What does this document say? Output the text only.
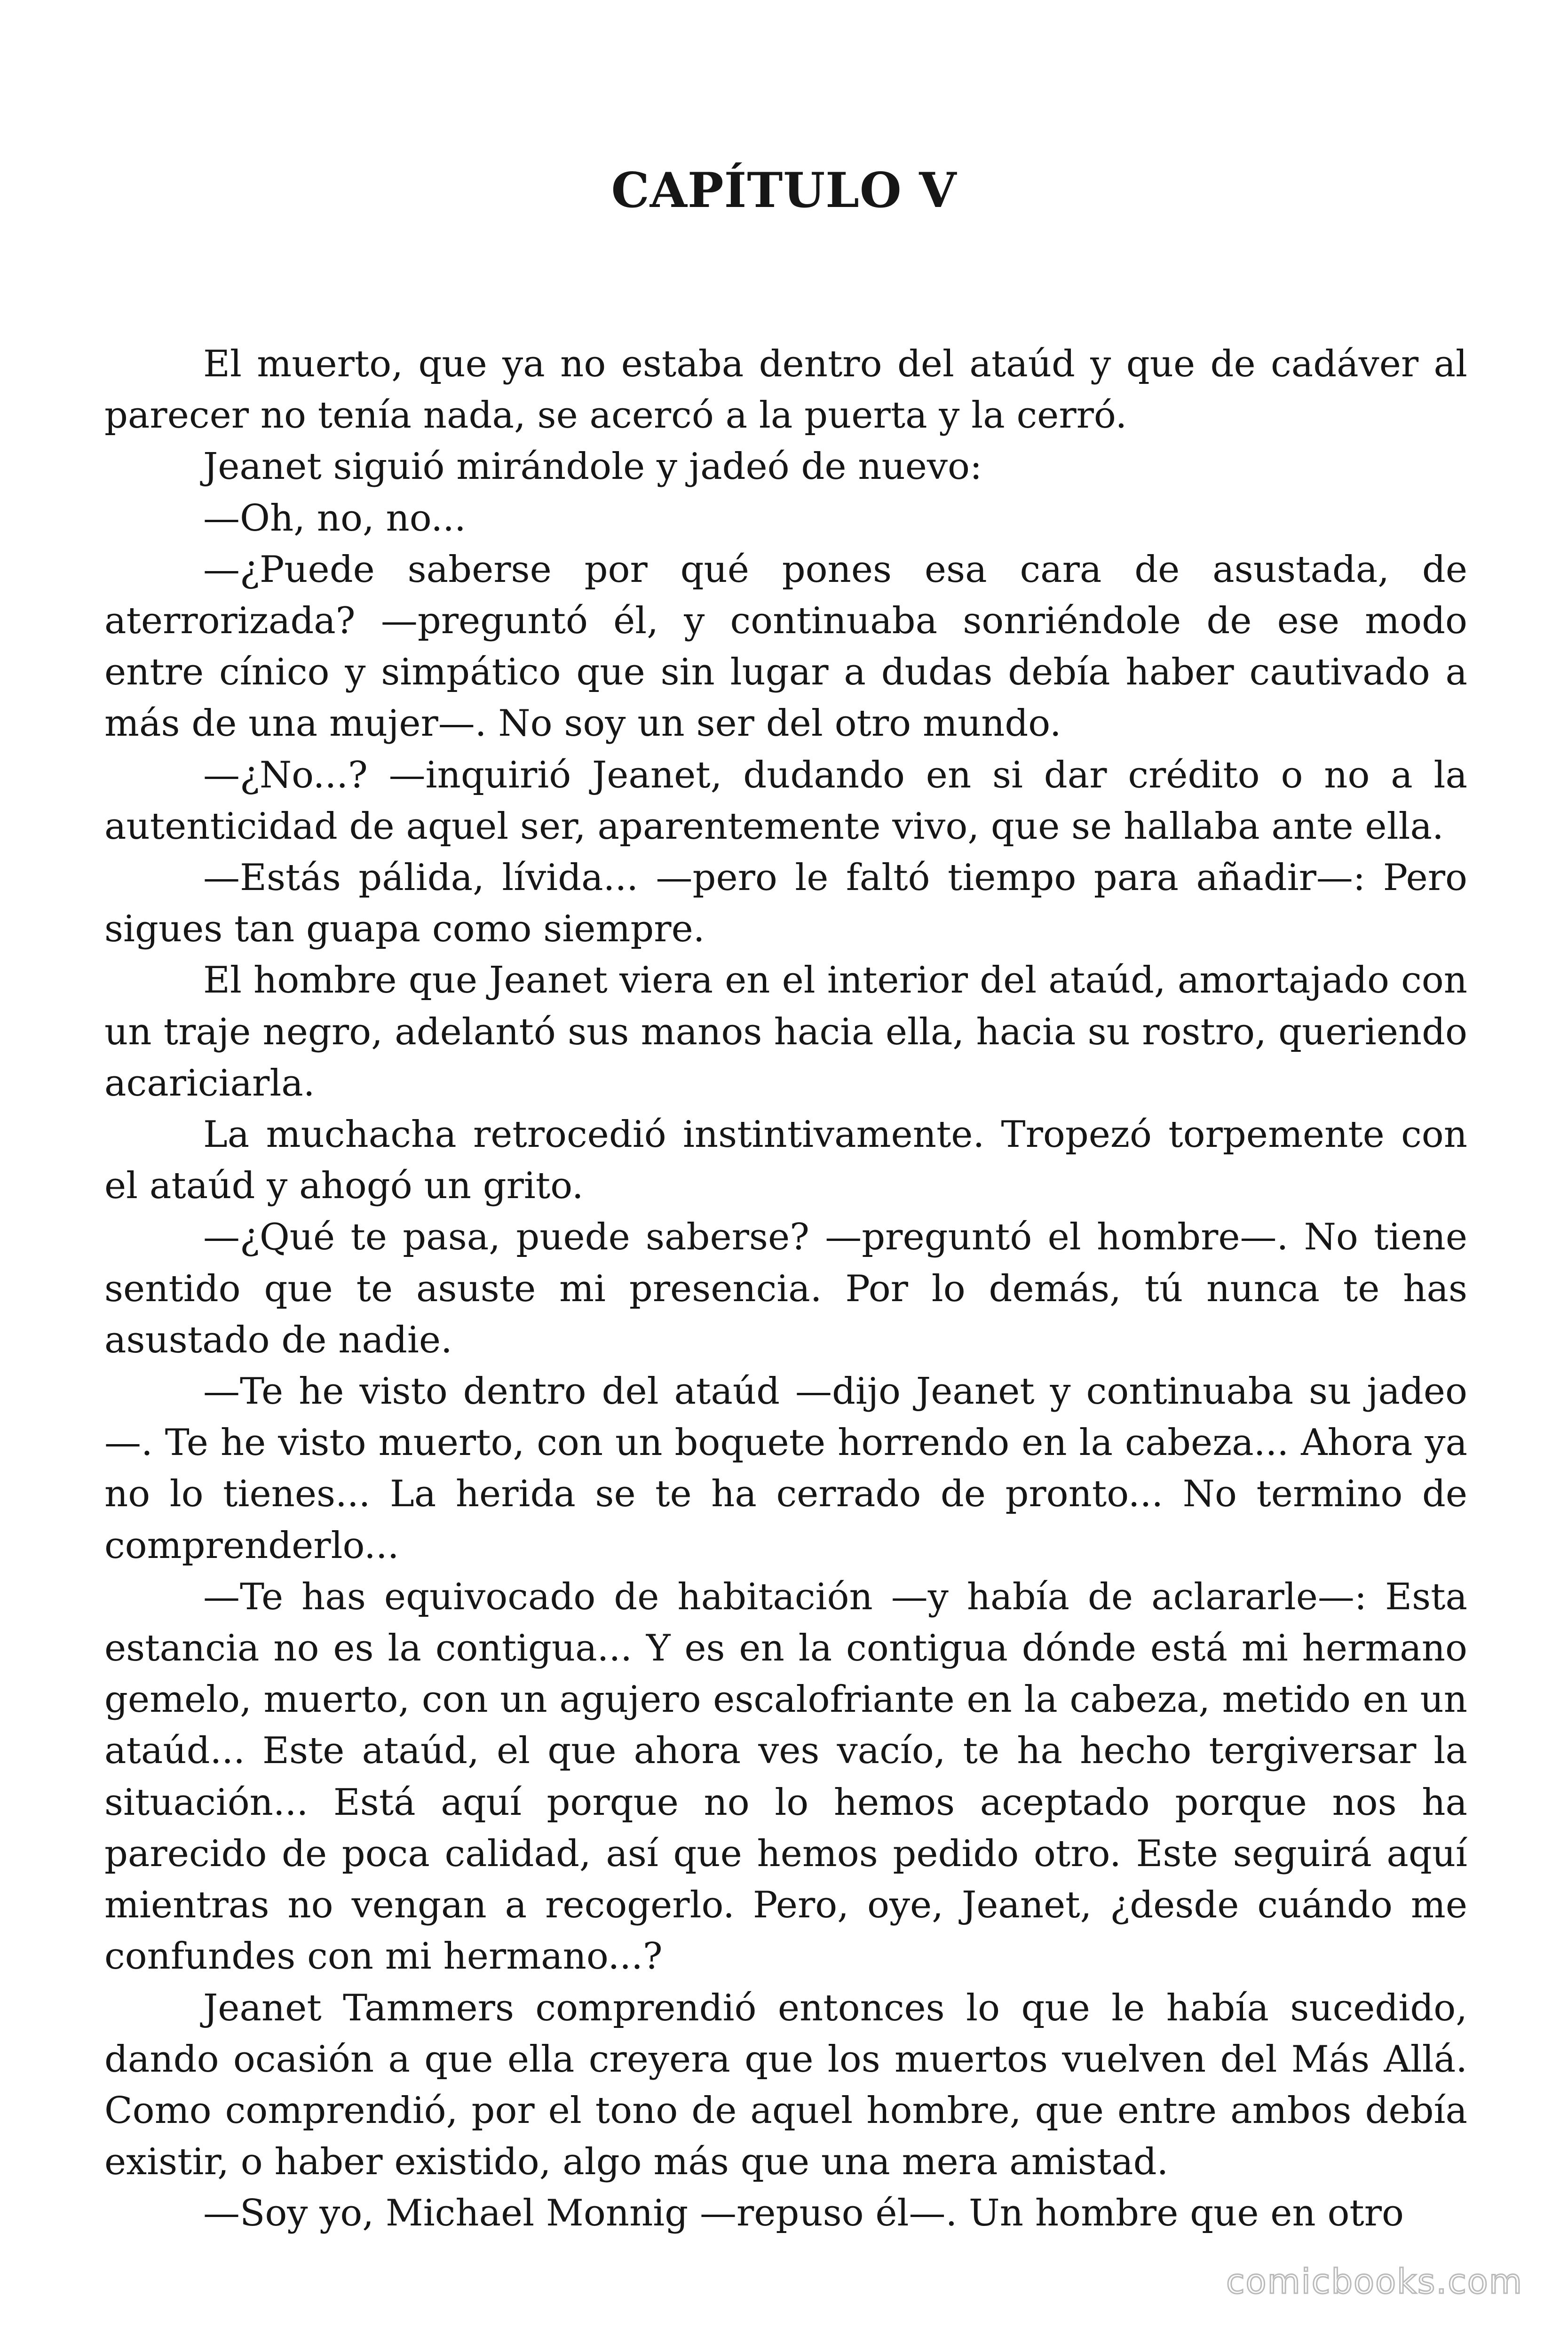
CAPÍTULO V

El muerto, que ya no estaba dentro del ataúd y que de cadáver al parecer no tenía nada, se acercó a la puerta y la cerró.

Jeanet siguió mirándole y jadeó de nuevo:

—Oh, no, no...

—¿Puede saberse por qué pones esa cara de asustada, de aterrorizada? —preguntó él, y continuaba sonriéndole de ese modo entre cínico y simpático que sin lugar a dudas debía haber cautivado a más de una mujer—. No soy un ser del otro mundo.

—¿No...? —inquirió Jeanet, dudando en si dar crédito o no a la autenticidad de aquel ser, aparentemente vivo, que se hallaba ante ella.

—Estás pálida, lívida... —pero le faltó tiempo para añadir—: Pero sigues tan guapa como siempre.

El hombre que Jeanet viera en el interior del ataúd, amortajado con un traje negro, adelantó sus manos hacia ella, hacia su rostro, queriendo acariciarla.

La muchacha retrocedió instintivamente. Tropezó torpemente con el ataúd y ahogó un grito.

—¿Qué te pasa, puede saberse? —preguntó el hombre—. No tiene sentido que te asuste mi presencia. Por lo demás, tú nunca te has asustado de nadie.

—Te he visto dentro del ataúd —dijo Jeanet y continuaba su jadeo—. Te he visto muerto, con un boquete horrendo en la cabeza... Ahora ya no lo tienes... La herida se te ha cerrado de pronto... No termino de comprenderlo...

—Te has equivocado de habitación —y había de aclararle—: Esta estancia no es la contigua... Y es en la contigua dónde está mi hermano gemelo, muerto, con un agujero escalofriante en la cabeza, metido en un ataúd... Este ataúd, el que ahora ves vacío, te ha hecho tergiversar la situación... Está aquí porque no lo hemos aceptado porque nos ha parecido de poca calidad, así que hemos pedido otro. Este seguirá aquí mientras no vengan a recogerlo. Pero, oye, Jeanet, ¿desde cuándo me confundes con mi hermano...?

Jeanet Tammers comprendió entonces lo que le había sucedido, dando ocasión a que ella creyera que los muertos vuelven del Más Allá. Como comprendió, por el tono de aquel hombre, que entre ambos debía existir, o haber existido, algo más que una mera amistad.

—Soy yo, Michael Monnig —repuso él—. Un hombre que en otro

comicbooks.com
